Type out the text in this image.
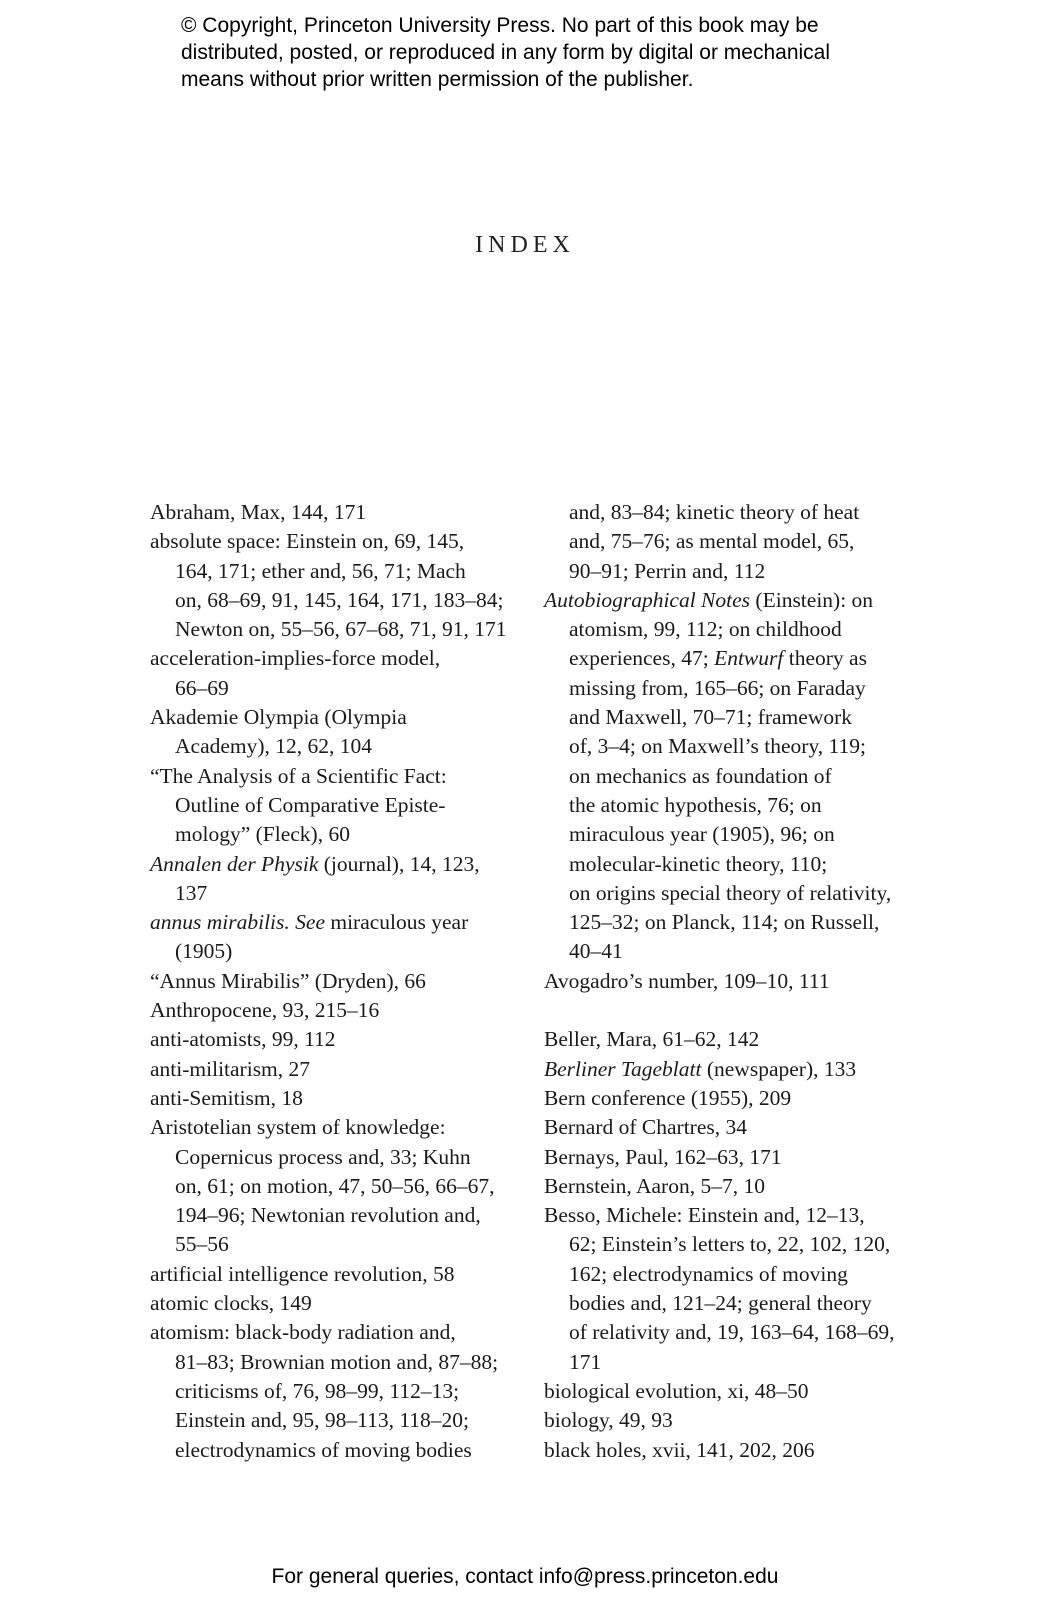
© Copyright, Princeton University Press. No part of this book may be
distributed, posted, or reproduced in any form by digital or mechanical
means without prior written permission of the publisher.
INDEX
Abraham, Max, 144, 171
absolute space: Einstein on, 69, 145,
164, 171; ether and, 56, 71; Mach
on, 68–69, 91, 145, 164, 171, 183–84;
Newton on, 55–56, 67–68, 71, 91, 171
acceleration-implies-force model,
66–69
Akademie Olympia (Olympia
Academy), 12, 62, 104
“The Analysis of a Scientific Fact:
Outline of Comparative Episte-
mology” (Fleck), 60
Annalen der Physik (journal), 14, 123,
137
annus mirabilis. See miraculous year
(1905)
“Annus Mirabilis” (Dryden), 66
Anthropocene, 93, 215–16
anti-atomists, 99, 112
anti-militarism, 27
anti-Semitism, 18
Aristotelian system of knowledge:
Copernicus process and, 33; Kuhn
on, 61; on motion, 47, 50–56, 66–67,
194–96; Newtonian revolution and,
55–56
artificial intelligence revolution, 58
atomic clocks, 149
atomism: black-body radiation and,
81–83; Brownian motion and, 87–88;
criticisms of, 76, 98–99, 112–13;
Einstein and, 95, 98–113, 118–20;
electrodynamics of moving bodies
and, 83–84; kinetic theory of heat
and, 75–76; as mental model, 65,
90–91; Perrin and, 112
Autobiographical Notes (Einstein): on
atomism, 99, 112; on childhood
experiences, 47; Entwurf theory as
missing from, 165–66; on Faraday
and Maxwell, 70–71; framework
of, 3–4; on Maxwell’s theory, 119;
on mechanics as foundation of
the atomic hypothesis, 76; on
miraculous year (1905), 96; on
molecular-kinetic theory, 110;
on origins special theory of relativity,
125–32; on Planck, 114; on Russell,
40–41
Avogadro’s number, 109–10, 111
Beller, Mara, 61–62, 142
Berliner Tageblatt (newspaper), 133
Bern conference (1955), 209
Bernard of Chartres, 34
Bernays, Paul, 162–63, 171
Bernstein, Aaron, 5–7, 10
Besso, Michele: Einstein and, 12–13,
62; Einstein’s letters to, 22, 102, 120,
162; electrodynamics of moving
bodies and, 121–24; general theory
of relativity and, 19, 163–64, 168–69,
171
biological evolution, xi, 48–50
biology, 49, 93
black holes, xvii, 141, 202, 206
For general queries, contact info@press.princeton.edu
